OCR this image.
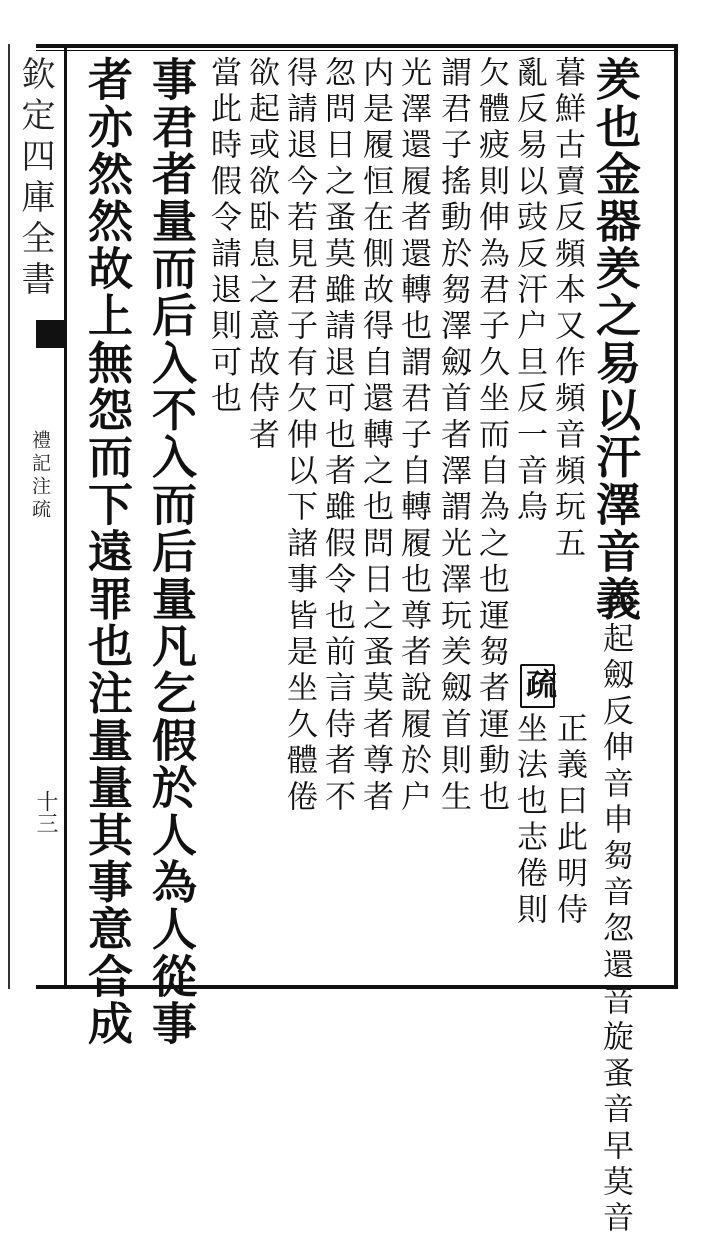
欽定四庫全書
禮記注疏
十三
羑也金器羑之易以汗澤音義
欠起劔反伸音申芻音忽還音旋蚤音早莫音
暮鮮古賣反頻本又作頻音頻玩五
亂反易以豉反汗户旦反一音烏
疏
正義曰此明侍
坐法也志倦則
欠體疲則伸為君子久坐而自為之也運芻者運動也
謂君子搖動於芻澤劔首者澤謂光澤玩羑劔首則生
光澤還履者還轉也謂君子自轉履也尊者說履於户
内是履恒在側故得自還轉之也問日之蚤莫者尊者
忽問日之蚤莫雖請退可也者雖假令也前言侍者不
得請退今若見君子有欠伸以下諸事皆是坐久體倦
欲起或欲卧息之意故侍者
當此時假令請退則可也
事君者量而后入不入而后量凡乞假於人為人從事
者亦然然故上無怨而下遠罪也注量量其事意合成
